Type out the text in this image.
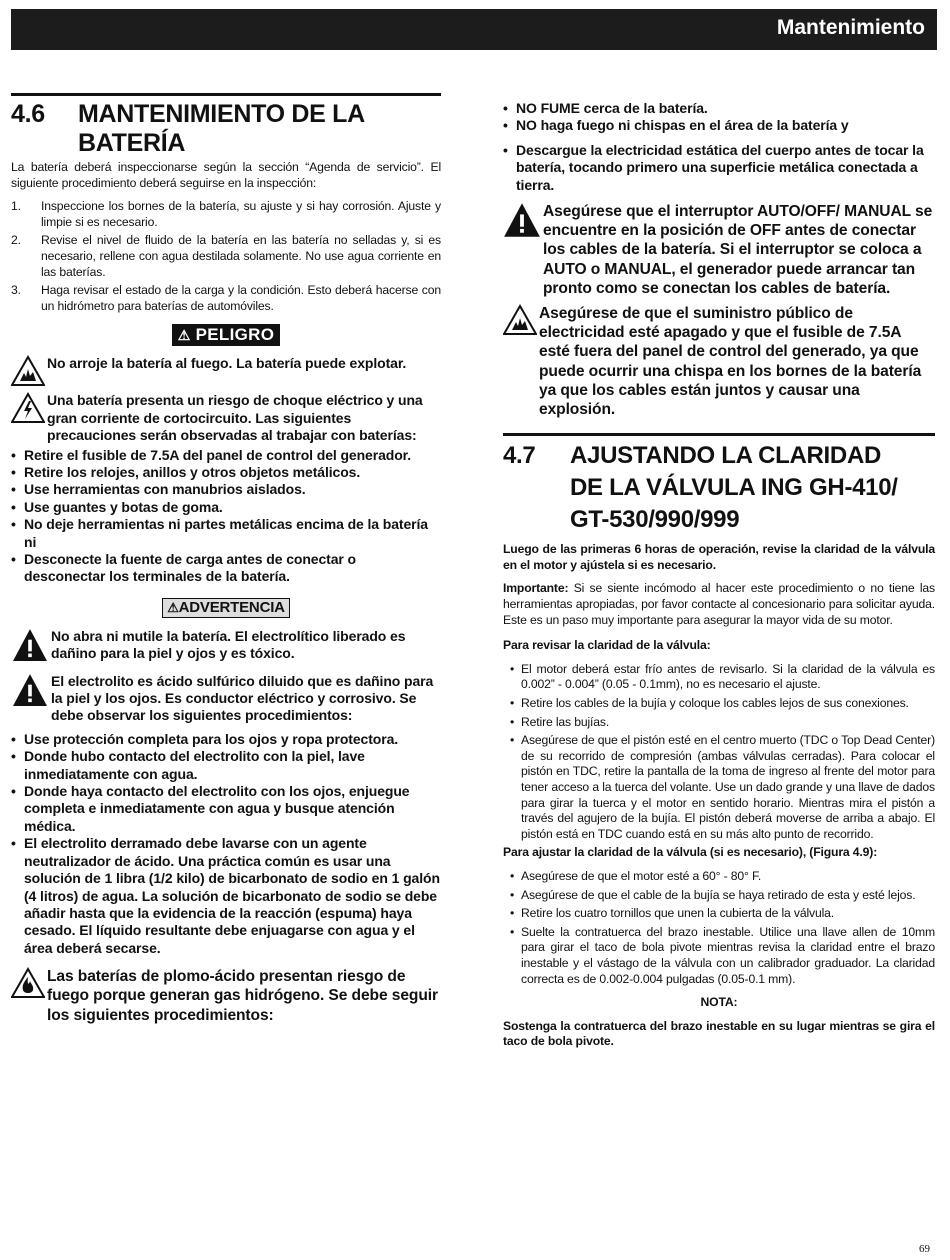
Mantenimiento
4.6	MANTENIMIENTO DE LA
BATERÍA
La batería deberá inspeccionarse según la sección “Agenda de servicio”. El siguiente procedimiento deberá seguirse en la inspección:
1.	Inspeccione los bornes de la batería, su ajuste y si hay corrosión. Ajuste y limpie si es necesario.
2.	Revise el nivel de fluido de la batería en las batería no selladas y, si es necesario, rellene con agua destilada solamente. No use agua corriente en las baterías.
3.	Haga revisar el estado de la carga y la condición. Esto deberá hacerse con un hidrómetro para baterías de automóviles.
⚠ PELIGRO
No arroje la batería al fuego. La batería puede explotar.
Una batería presenta un riesgo de choque eléctrico y una gran corriente de cortocircuito. Las siguientes precauciones serán observadas al trabajar con baterías:
• Retire el fusible de 7.5A del panel de control del generador.
• Retire los relojes, anillos y otros objetos metálicos.
• Use herramientas con manubrios aislados.
• Use guantes y botas de goma.
• No deje herramientas ni partes metálicas encima de la batería ni
• Desconecte la fuente de carga antes de conectar o desconectar los terminales de la batería.
⚠ADVERTENCIA
No abra ni mutile la batería. El electrolítico liberado es dañino para la piel y ojos y es tóxico.
El electrolito es ácido sulfúrico diluido que es dañino para la piel y los ojos. Es conductor eléctrico y corrosivo. Se debe observar los siguientes procedimientos:
• Use protección completa para los ojos y ropa protectora.
• Donde hubo contacto del electrolito con la piel, lave inmediatamente con agua.
• Donde haya contacto del electrolito con los ojos, enjuegue completa e inmediatamente con agua y busque atención médica.
• El electrolito derramado debe lavarse con un agente neutralizador de ácido. Una práctica común es usar una solución de 1 libra (1/2 kilo) de bicarbonato de sodio en 1 galón (4 litros) de agua. La solución de bicarbonato de sodio se debe añadir hasta que la evidencia de la reacción (espuma) haya cesado. El líquido resultante debe enjuagarse con agua y el área deberá secarse.
Las baterías de plomo-ácido presentan riesgo de fuego porque generan gas hidrógeno. Se debe seguir los siguientes procedimientos:
• NO FUME cerca de la batería.
• NO haga fuego ni chispas en el área de la batería y
• Descargue la electricidad estática del cuerpo antes de tocar la batería, tocando primero una superficie metálica conectada a tierra.
Asegúrese que el interruptor AUTO/OFF/ MANUAL se encuentre en la posición de OFF antes de conectar los cables de la batería. Si el interruptor se coloca a AUTO o MANUAL, el generador puede arrancar tan pronto como se conectan los cables de batería.
Asegúrese de que el suministro público de electricidad esté apagado y que el fusible de 7.5A esté fuera del panel de control del generado, ya que puede ocurrir una chispa en los bornes de la batería ya que los cables están juntos y causar una explosión.
4.7	AJUSTANDO LA CLARIDAD
DE LA VÁLVULA ING GH-410/
GT-530/990/999
Luego de las primeras 6 horas de operación, revise la claridad de la válvula en el motor y ajústela si es necesario.
Importante: Si se siente incómodo al hacer este procedimiento o no tiene las herramientas apropiadas, por favor contacte al concesionario para solicitar ayuda. Este es un paso muy importante para asegurar la mayor vida de su motor.
Para revisar la claridad de la válvula:
• El motor deberá estar frío antes de revisarlo. Si la claridad de la válvula es 0.002” - 0.004” (0.05 - 0.1mm), no es necesario el ajuste.
• Retire los cables de la bujía y coloque los cables lejos de sus conexiones.
• Retire las bujías.
• Asegúrese de que el pistón esté en el centro muerto (TDC o Top Dead Center) de su recorrido de compresión (ambas válvulas cerradas). Para colocar el pistón en TDC, retire la pantalla de la toma de ingreso al frente del motor para tener acceso a la tuerca del volante. Use un dado grande y una llave de dados para girar la tuerca y el motor en sentido horario. Mientras mira el pistón a través del agujero de la bujía. El pistón deberá moverse de arriba a abajo. El pistón está en TDC cuando está en su más alto punto de recorrido.
Para ajustar la claridad de la válvula (si es necesario), (Figura 4.9):
• Asegúrese de que el motor esté a 60° - 80° F.
• Asegúrese de que el cable de la bujía se haya retirado de esta y esté lejos.
• Retire los cuatro tornillos que unen la cubierta de la válvula.
• Suelte la contratuerca del brazo inestable. Utilice una llave allen de 10mm para girar el taco de bola pivote mientras revisa la claridad entre el brazo inestable y el vástago de la válvula con un calibrador graduador. La claridad correcta es de 0.002-0.004 pulgadas (0.05-0.1 mm).
NOTA:
Sostenga la contratuerca del brazo inestable en su lugar mientras se gira el taco de bola pivote.
69
